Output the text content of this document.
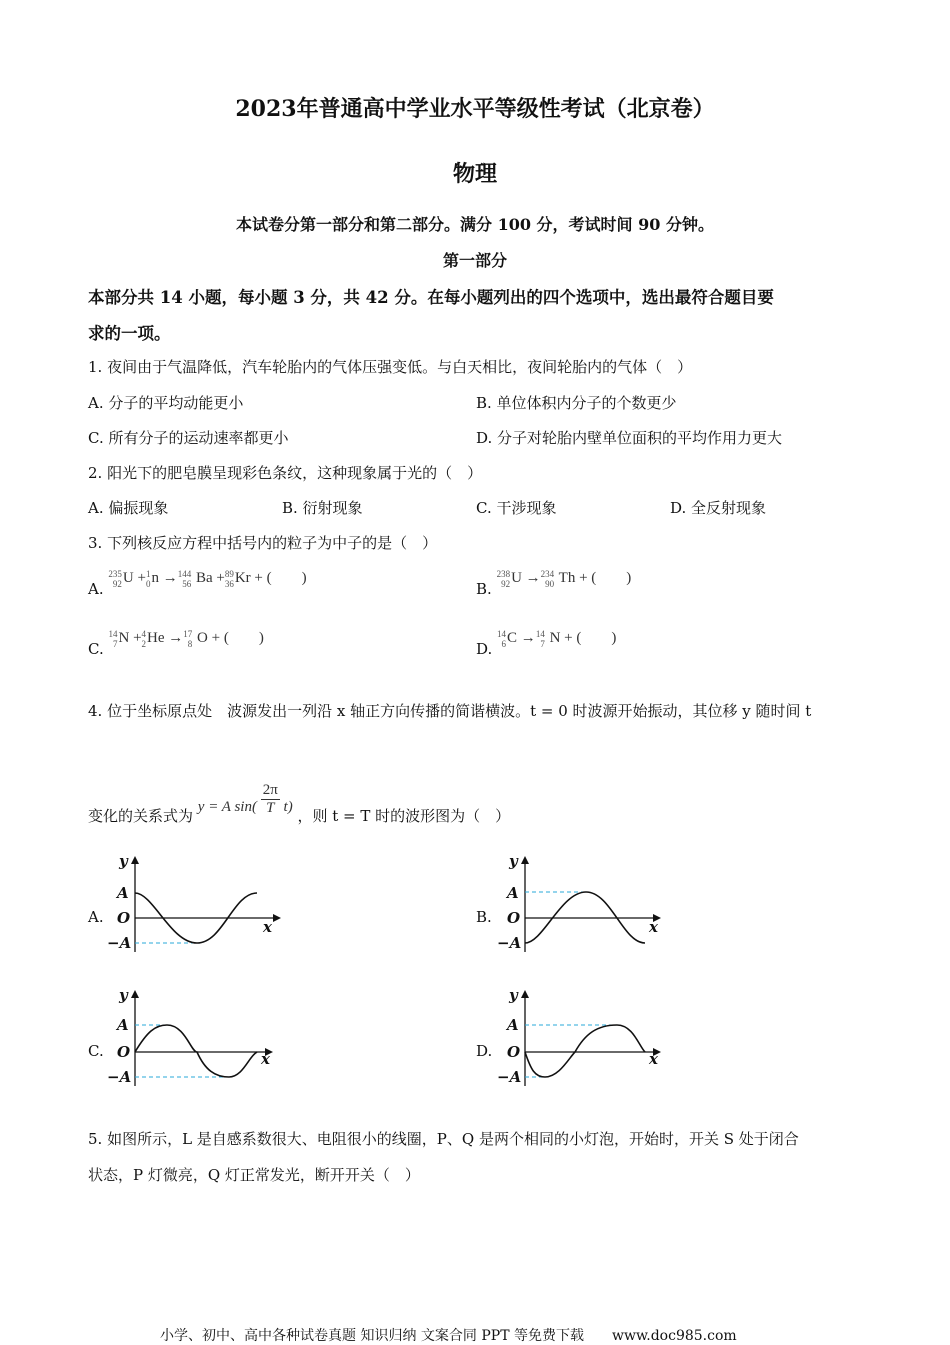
2023年普通高中学业水平等级性考试（北京卷）
物理
本试卷分第一部分和第二部分。满分 100 分，考试时间 90 分钟。
第一部分
本部分共 14 小题，每小题 3 分，共 42 分。在每小题列出的四个选项中，选出最符合题目要
求的一项。
1. 夜间由于气温降低，汽车轮胎内的气体压强变低。与白天相比，夜间轮胎内的气体（　）
A. 分子的平均动能更小	B. 单位体积内分子的个数更少
C. 所有分子的运动速率都更小	D. 分子对轮胎内壁单位面积的平均作用力更大
2. 阳光下的肥皂膜呈现彩色条纹，这种现象属于光的（　）
A. 偏振现象	B. 衍射现象	C. 干涉现象	D. 全反射现象
3. 下列核反应方程中括号内的粒子为中子的是（　）
A.
235
92 U + 1
0 n → 144
56 Ba + 89
36 Kr + (　　)
B.
238
92 U → 234
90 Th + (　　)
C.
14
7 N + 4
2 He → 17
8 O + (　　)
D.
14
6 C → 14
7 N + (　　)
4. 位于坐标原点处　波源发出一列沿 x 轴正方向传播的简谐横波。t = 0 时波源开始振动，其位移 y 随时间 t
变化的关系式为 y = A $\sin( \frac{2\pi}{T} t)$ ，则 t = T 时的波形图为（　）
A.	B.
C.	D.
y
A
O
−A
x
y
A
O
−A
x
y
A
O
−A
x
y
A
O
−A
x
5. 如图所示，L 是自感系数很大、电阻很小的线圈，P、Q 是两个相同的小灯泡，开始时，开关 S 处于闭合
状态，P 灯微亮，Q 灯正常发光，断开开关（　）
小学、初中、高中各种试卷真题 知识归纳 文案合同 PPT 等免费下载　　www.doc985.com
